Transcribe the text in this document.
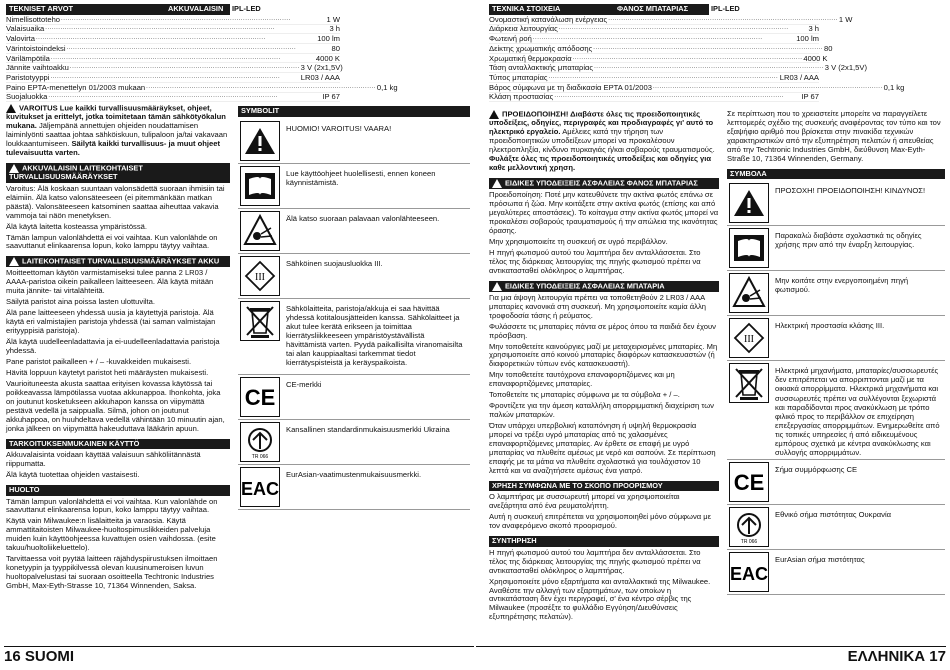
TEKNISET ARVOT	AKKUVALAISIN	IPL-LED
Nimellisottoteho ..........................................................................................................	1 W
Valaisuaika ..........................................................................................................	3 h
Valovirta ..........................................................................................................	100 lm
Värintoistoindeksi ..........................................................................................................	80
Värilämpötila ..........................................................................................................	4000 K
Jännite vaihtoakku .......................................................................................................... 3 V (2x1,5V)
Paristotyyppi ..........................................................................................................	LR03 / AAA
Paino EPTA-menettelyn 01/2003 mukaan .......................................................................................................... 0,1 kg
Suojaluokka ..........................................................................................................	IP 67
VAROITUS Lue kaikki turvallisuusmääräykset, ohjeet, kuvitukset ja erittelyt, jotka toimitetaan tämän sähkötyökalun mukana. Jäljempänä annettujen ohjeiden noudattamisen laiminlyönti saattaa johtaa sähköiskuun, tulipaloon ja/tai vakavaan loukkaantumiseen. Säilytä kaikki turvallisuus- ja muut ohjeet tulevaisuutta varten.
AKKUVALAISIN LAITEKOHTAISET TURVALLISUUSMÄÄRÄYKSET
Varoitus: Älä koskaan suuntaan valonsädettä suoraan ihmisiin tai eläimiin. Älä katso valonsäteeseen (ei pitemmänkään matkan päästä). Valonsäteeseen katsominen saattaa aiheuttaa vakavia vammoja tai näön menetyksen.
Älä käytä laitetta kosteassa ympäristössä.
Tämän lampun valonlähdettä ei voi vaihtaa. Kun valonlähde on saavuttanut elinkaarensa lopun, koko lamppu täytyy vaihtaa.
LAITEKOHTAISET TURVALLISUUSMÄÄRÄYKSET AKKU
Moitteettoman käytön varmistamiseksi tulee panna 2 LR03 / AAAA-paristoa oikein paikalleen laitteeseen. Älä käytä mitään muita jännite- tai virtalähteitä.
Säilytä paristot aina poissa lasten ulottuvilta.
Älä pane laitteeseen yhdessä uusia ja käytettyjä paristoja. Älä käytä eri valmistajien paristoja yhdessä (tai saman valmistajan erityyppisiä paristoja).
Älä käytä uudelleenladattavia ja ei-uudelleenladattavia paristoja yhdessä.
Pane paristot paikalleen + / – -kuvakkeiden mukaisesti.
Hävitä loppuun käytetyt paristot heti määräysten mukaisesti.
Vaurioituneesta akusta saattaa erityisen kovassa käytössä tai poikkeavassa lämpötilassa vuotaa akkunappoa. Ihonkohta, joka on joutunut kosketukseen akkuhapon kanssa on viipymättä pestävä vedellä ja saippualla. Silmä, johon on joutunut akkuhappoa, on huuhdeltava vedellä vähintään 10 minuutin ajan, jonka jälkeen on viipymättä hakeuduttava lääkärin apuun.
TARKOITUKSENMUKAINEN KÄYTTÖ
Akkuvalaisinta voidaan käyttää valaisuun sähköliitännästä riippumatta.
Älä käytä tuotettaa ohjeiden vastaisesti.
HUOLTO
Tämän lampun valonlähdettä ei voi vaihtaa. Kun valonlähde on saavuttanut elinkaarensa lopun, koko lamppu täytyy vaihtaa.
Käytä vain Milwaukee:n lisälaitteita ja varaosia. Käytä ammattitaitoisten Milwaukee-huoltospimuslikkeiden palveluja muiden kuin käyttöohjeessa kuvattujen osien vaihdossa. (esite takuu/huoltoliikeluettelo).
Tarvittaessa voit pyytää laitteen räjähdyspiirustuksen ilmoittaen konetyypin ja tyyppikilvessä olevan kuusinumeroisen luvun huoltopalvelustasi tai suoraan osoitteella Techtronic Industries GmbH, Max-Eyth-Strasse 10, 71364 Winnenden, Saksa.
SYMBOLIT
HUOMIO! VAROITUS! VAARA!
Lue käyttöohjeet huolellisesti, ennen koneen käynnistämistä.
Älä katso suoraan palavaan valonlähteeseen.
III
Sähköinen suojausluokka III.
Sähkölaitteita, paristoja/akkuja ei saa hävittää yhdessä kotitalousjätteiden kanssa. Sähkölaitteet ja akut tulee kerätä erikseen ja toimittaa kierrätysliikkeeseen ympäristöystävällistä hävittämistä varten. Pyydä paikallisilta viranomaisilta tai alan kauppiaaltasi tarkemmat tiedot kierrätyspisteistä ja keräyspaikoista.
CE
CE-merkki
TR 066
Kansallinen standardinmukaisuusmerkki Ukraina
EAC
EurAsian-vaatimustenmukaisuusmerkki.
16 SUOMI
ΤΕΧΝΙΚΑ ΣΤΟΙΧΕΙΑ	ΦΑΝΟΣ ΜΠΑΤΑΡΙΑΣ	IPL-LED
Ονομαστική κατανάλωση ενέργειας .......................................................................................................... 1 W
Διάρκεια λειτουργίας ..........................................................................................................	3 h
Φωτεινή ροή ..........................................................................................................	100 lm
Δείκτης χρωματικής απόδοσης .......................................................................................................... 80
Χρωματική θερμοκρασία .......................................................................................................... 4000 K
Τάση ανταλλακτικής μπαταρίας .......................................................................................................... 3 V (2x1,5V)
Τύπος μπαταρίας .......................................................................................................... LR03 / AAA
Βάρος σύμφωνα με τη διαδικασία EPTA 01/2003 .......................................................................................................... 0,1 kg
Κλάση προστασίας ..........................................................................................................	IP 67
ΠΡΟΕΙΔΟΠΟΙΗΣΗ! Διαβάστε όλες τις προειδοποιητικές υποδείξεις, οδηγίες, περιγραφές και προδιαγραφές γι' αυτό το ηλεκτρικό εργαλείο. Αμέλειες κατά την τήρηση των προειδοποιητικών υποδείξεων μπορεί να προκαλέσουν ηλεκτροπληξία, κίνδυνο πυρκαγιάς ή/και σοβαρούς τραυματισμούς. Φυλάξτε όλες τις προειδοποιητικές υποδείξεις και οδηγίες για καθε μελλοντική χρηση.
ΕΙΔΙΚΕΣ ΥΠΟΔΕΙΞΕΙΣ ΑΣΦΑΛΕΙΑΣ ΦΑΝΟΣ ΜΠΑΤΑΡΙΑΣ
Προειδοποίηση: Ποτέ μην κατευθύνετε την ακτίνα φωτός επάνω σε πρόσωπα ή ζώα. Μην κοιτάξετε στην ακτίνα φωτός (επίσης και από μεγαλύτερες αποστάσεις). Το κοίταγμα στην ακτίνα φωτός μπορεί να προκαλέσει σοβαρούς τραυματισμούς ή την απώλεια της ικανότητας όρασης.
Μην χρησιμοποιείτε τη συσκευή σε υγρό περιβάλλον.
Η πηγή φωτισμού αυτού του λαμπτήρα δεν ανταλλάσσεται. Στο τέλος της διάρκειας λειτουργίας της πηγής φωτισμού πρέπει να αντικατασταθεί ολόκληρος ο λαμπτήρας.
ΕΙΔΙΚΕΣ ΥΠΟΔΕΙΞΕΙΣ ΑΣΦΑΛΕΙΑΣ ΜΠΑΤΑΡΙΑ
Για μια άψογη λειτουργία πρέπει να τοποθετηθούν 2 LR03 / AAA μπαταρίες κανονικά στη συσκευή. Μη χρησιμοποιείτε καμία άλλη τροφοδοσία τάσης ή ρεύματος.
Φυλάσσετε τις μπαταρίες πάντα σε μέρος όπου τα παιδιά δεν έχουν πρόσβαση.
Μην τοποθετείτε καινούργιες μαζί με μεταχειρισμένες μπαταρίες. Μη χρησιμοποιείτε από κοινού μπαταρίες διαφόρων κατασκευαστών (ή διαφορετικών τύπων ενός κατασκευαστή).
Μην τοποθετείτε ταυτόχρονα επαναφορτιζόμενες και μη επαναφορτιζόμενες μπαταρίες.
Τοποθετείτε τις μπαταρίες σύμφωνα με τα σύμβολα + / –.
Φροντίζετε για την άμεση καταλλήλη απορριμματική διαχείριση των παλιών μπαταριών.
Όταν υπάρχει υπερβολική καταπόνηση ή υψηλή θερμοκρασία μπορεί να τρέξει υγρό μπαταρίας από τις χαλασμένες επαναφορτιζόμενες μπαταρίες. Αν έρθετε σε επαφή με υγρό μπαταρίας να πλυθείτε αμέσως με νερό και σαπούνι. Σε περίπτωση επαφής με τα μάτια να πλυθείτε σχολαστικά για τουλάχιστον 10 λεπτά και να αναζητήσετε αμέσως ένα γιατρό.
ΧΡΗΣΗ ΣΥΜΦΩΝΑ ΜΕ ΤΟ ΣΚΟΠΟ ΠΡΟΟΡΙΣΜΟΥ
Ο λαμπτήρας με συσσωρευτή μπορεί να χρησιμοποιείται ανεξάρτητα από ένα ρευματολήπτη.
Αυτή η συσκευή επιτρέπεται να χρησιμοποιηθεί μόνο σύμφωνα με τον αναφερόμενο σκοπό προορισμού.
ΣΥΝΤΗΡΗΣΗ
Η πηγή φωτισμού αυτού του λαμπτήρα δεν ανταλλάσσεται. Στο τέλος της διάρκειας λειτουργίας της πηγής φωτισμού πρέπει να αντικατασταθεί ολόκληρος ο λαμπτήρας.
Χρησιμοποιείτε μόνο εξαρτήματα και ανταλλακτικά της Milwaukee. Αναθέστε την αλλαγή των εξαρτημάτων, των οποίων η αντικατάσταση δεν έχει περιγραφεί, σ' ένα κέντρο σέρβις της Milwaukee (προσέξτε το φυλλάδιο Εγγύηση/Διευθύνσεις εξυπηρέτησης πελατών).
Σε περίπτωση που το χρειαστείτε μπορείτε να παραγγείλετε λεπτομερές σχέδιο της συσκευής αναφέροντας τον τύπο και τον εξαψήφιο αριθμό που βρίσκεται στην πινακίδα τεχνικών χαρακτηριστικών από την εξυπηρέτηση πελατών ή απευθείας από την Techtronic Industries GmbH, διεύθυνση Max-Eyth-Straße 10, 71364 Winnenden, Germany.
ΣΥΜΒΟΛΑ
ΠΡΟΣΟΧΗ! ΠΡΟΕΙΔΟΠΟΙΗΣΗ! ΚΙΝΔΥΝΟΣ!
Παρακαλώ διαβάστε σχολαστικά τις οδηγίες χρήσης πριν από την έναρξη λειτουργίας.
Μην κοιτάτε στην ενεργοποιημένη πηγή φωτισμού.
III
Ηλεκτρική προστασία κλάσης III.
Ηλεκτρικά μηχανήματα, μπαταρίες/συσσωρευτές δεν επιτρέπεται να απορριπτονται μαζί με τα οικιακά απορρίμματα. Ηλεκτρικά μηχανήματα και συσσωρευτές πρέπει να συλλέγονται ξεχωριστά και παραδίδονται προς ανακύκλωση με τρόπο φιλικό προς το περιβάλλον σε επιχείρηση επεξεργασίας απορριμμάτων. Ενημερωθείτε από τις τοπικές υπηρεσίες ή από ειδικευμένους εμπόρους σχετικά με κέντρα ανακύκλωσης και συλλογής απορριμμάτων.
CE
Σήμα συμμόρφωσης CE
TR 066
Εθνικό σήμα πιστότητας Ουκρανία
EAC
EurAsian σήμα πιστότητας
ΕΛΛΗΝΙΚΑ 17
